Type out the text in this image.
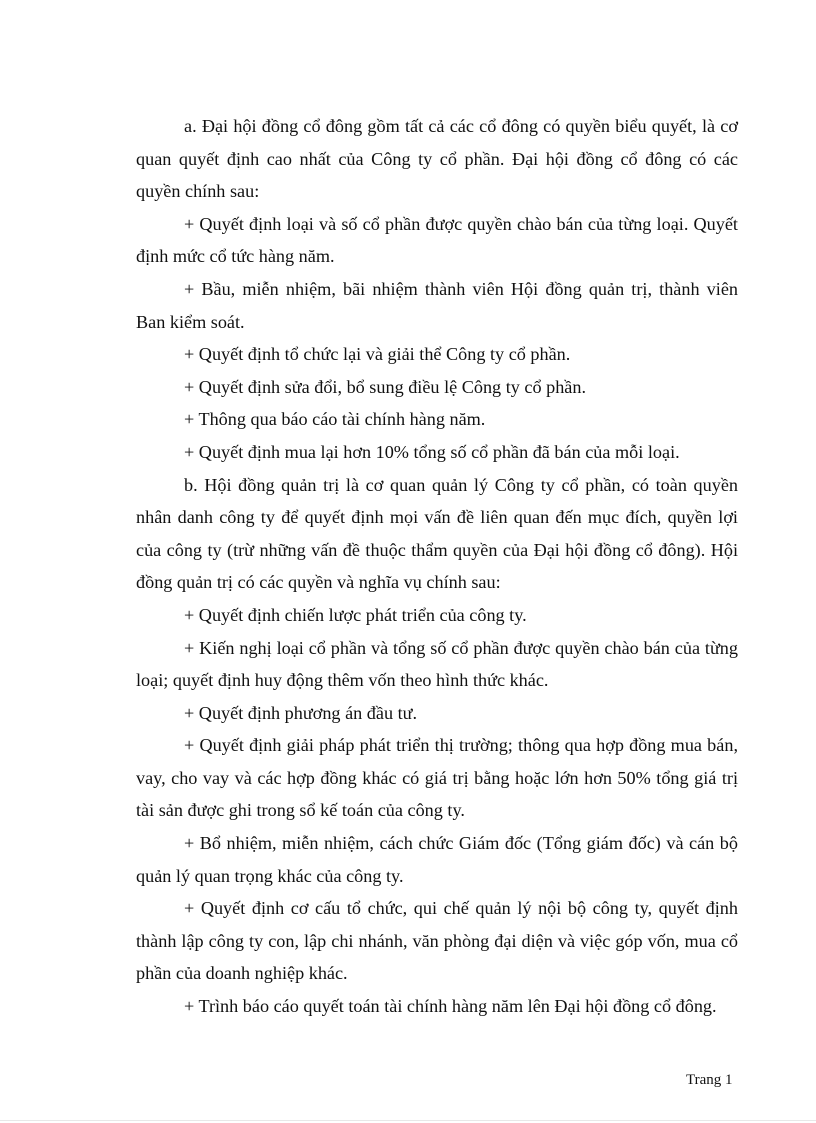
a. Đại hội đồng cổ đông gồm tất cả các cổ đông có quyền biểu quyết, là cơ quan quyết định cao nhất của Công ty cổ phần. Đại hội đồng cổ đông có các quyền chính sau:

+ Quyết định loại và số cổ phần được quyền chào bán của từng loại. Quyết định mức cổ tức hàng năm.

+ Bầu, miễn nhiệm, bãi nhiệm thành viên Hội đồng quản trị, thành viên Ban kiểm soát.

+ Quyết định tổ chức lại và giải thể Công ty cổ phần.

+ Quyết định sửa đổi, bổ sung điều lệ Công ty cổ phần.

+ Thông qua báo cáo tài chính hàng năm.

+ Quyết định mua lại hơn 10% tổng số cổ phần đã bán của mỗi loại.

b. Hội đồng quản trị là cơ quan quản lý Công ty cổ phần, có toàn quyền nhân danh công ty để quyết định mọi vấn đề liên quan đến mục đích, quyền lợi của công ty (trừ những vấn đề thuộc thẩm quyền của Đại hội đồng cổ đông). Hội đồng quản trị có các quyền và nghĩa vụ chính sau:

+ Quyết định chiến lược phát triển của công ty.

+ Kiến nghị loại cổ phần và tổng số cổ phần được quyền chào bán của từng loại; quyết định huy động thêm vốn theo hình thức khác.

+ Quyết định phương án đầu tư.

+ Quyết định giải pháp phát triển thị trường; thông qua hợp đồng mua bán, vay, cho vay và các hợp đồng khác có giá trị bằng hoặc lớn hơn 50% tổng giá trị tài sản được ghi trong sổ kế toán của công ty.

+ Bổ nhiệm, miễn nhiệm, cách chức Giám đốc (Tổng giám đốc) và cán bộ quản lý quan trọng khác của công ty.

+ Quyết định cơ cấu tổ chức, qui chế quản lý nội bộ công ty, quyết định thành lập công ty con, lập chi nhánh, văn phòng đại diện và việc góp vốn, mua cổ phần của doanh nghiệp khác.

+ Trình báo cáo quyết toán tài chính hàng năm lên Đại hội đồng cổ đông.

Trang 1
